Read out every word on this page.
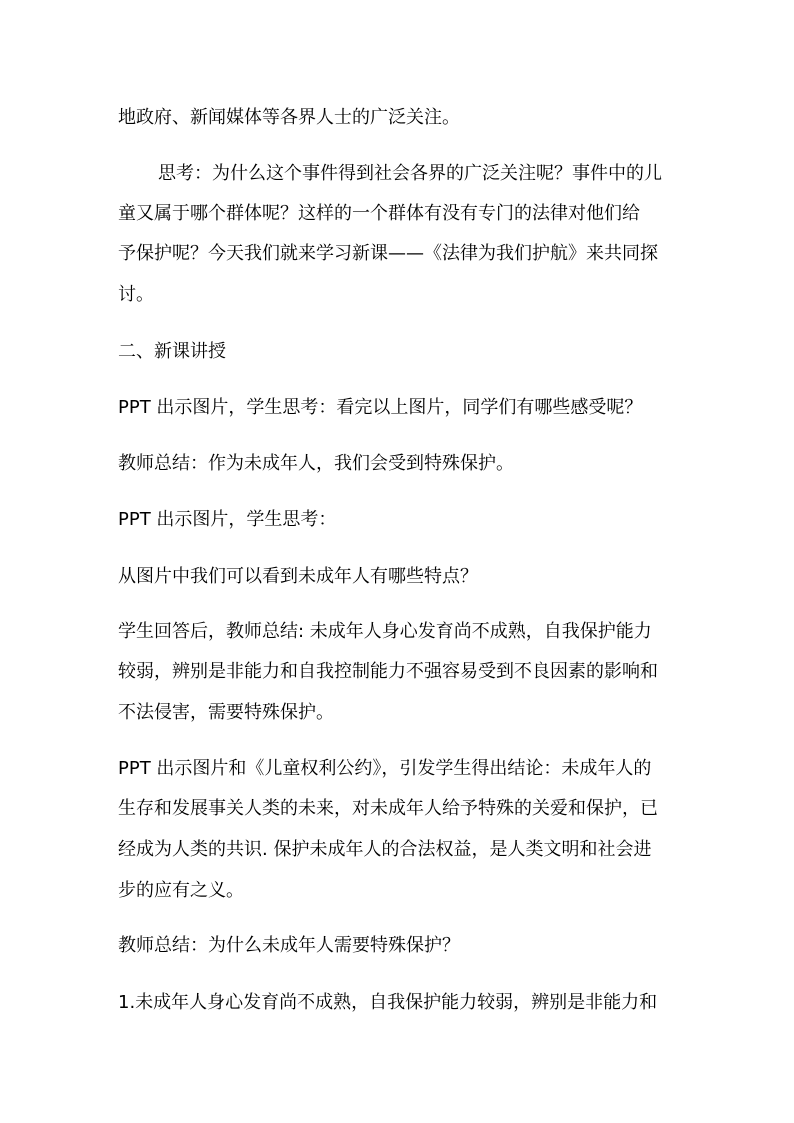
地政府、新闻媒体等各界人士的广泛关注。
思考：为什么这个事件得到社会各界的广泛关注呢？事件中的儿
童又属于哪个群体呢？这样的一个群体有没有专门的法律对他们给
予保护呢？今天我们就来学习新课——《法律为我们护航》来共同探
讨。
二、新课讲授
PPT 出示图片，学生思考：看完以上图片，同学们有哪些感受呢？
教师总结：作为未成年人，我们会受到特殊保护。
PPT 出示图片，学生思考：
从图片中我们可以看到未成年人有哪些特点？
学生回答后，教师总结: 未成年人身心发育尚不成熟，自我保护能力
较弱，辨别是非能力和自我控制能力不强容易受到不良因素的影响和
不法侵害，需要特殊保护。
PPT 出示图片和《儿童权利公约》，引发学生得出结论：未成年人的
生存和发展事关人类的未来，对未成年人给予特殊的关爱和保护，已
经成为人类的共识. 保护未成年人的合法权益，是人类文明和社会进
步的应有之义。
教师总结：为什么未成年人需要特殊保护？
1.未成年人身心发育尚不成熟，自我保护能力较弱，辨别是非能力和
